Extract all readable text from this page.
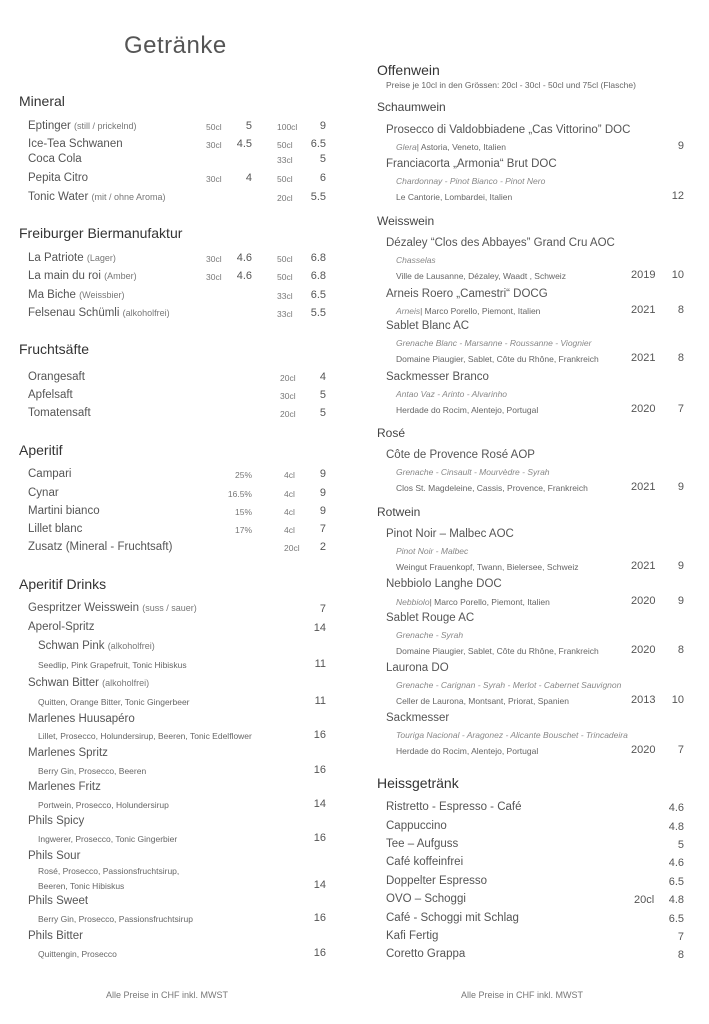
Getränke
Mineral
Eptinger (still / prickelnd)	50cl	5	100cl	9
Ice-Tea Schwanen	30cl	4.5	50cl	6.5
Coca Cola	33cl	5
Pepita Citro	30cl	4	50cl	6
Tonic Water (mit / ohne Aroma)	20cl	5.5
Freiburger Biermanufaktur
La Patriote (Lager)	30cl	4.6	50cl	6.8
La main du roi (Amber)	30cl	4.6	50cl	6.8
Ma Biche (Weissbier)	33cl	6.5
Felsenau Schümli (alkoholfrei)	33cl	5.5
Fruchtsäfte
Orangesaft	20cl	4
Apfelsaft	30cl	5
Tomatensaft	20cl	5
Aperitif
Campari	25%	4cl	9
Cynar	16.5%	4cl	9
Martini bianco	15%	4cl	9
Lillet blanc	17%	4cl	7
Zusatz (Mineral - Fruchtsaft)	20cl	2
Aperitif Drinks
Gespritzer Weisswein (suss / sauer)	7
Aperol-Spritz	14
Schwan Pink (alkoholfrei)
Seedlip, Pink Grapefruit, Tonic Hibiskus	11
Schwan Bitter (alkoholfrei)
Quitten, Orange Bitter, Tonic Gingerbeer	11
Marlenes Huusapéro
Lillet, Prosecco, Holundersirup, Beeren, Tonic Edelflower	16
Marlenes Spritz
Berry Gin, Prosecco, Beeren	16
Marlenes Fritz
Portwein, Prosecco, Holundersirup	14
Phils Spicy
Ingwerer, Prosecco, Tonic Gingerbier	16
Phils Sour
Rosé, Prosecco, Passionsfruchtsirup,
Beeren, Tonic Hibiskus	14
Phils Sweet
Berry Gin, Prosecco, Passionsfruchtsirup	16
Phils Bitter
Quittengin, Prosecco	16
Alle Preise in CHF inkl. MWST
Offenwein
Preise je 10cl in den Grössen: 20cl - 30cl - 50cl und 75cl (Flasche)
Schaumwein
Prosecco di Valdobbiadene „Cas Vittorino” DOC
Glera| Astoria, Veneto, Italien	9
Franciacorta „Armonia“ Brut DOC
Chardonnay - Pinot Bianco - Pinot Nero
Le Cantorie, Lombardei, Italien	12
Weisswein
Dézaley “Clos des Abbayes” Grand Cru AOC
Chasselas
Ville de Lausanne, Dézaley, Waadt , Schweiz	2019	10
Arneis Roero „Camestri“ DOCG
Arneis| Marco Porello, Piemont, Italien	2021	8
Sablet Blanc AC
Grenache Blanc - Marsanne - Roussanne - Viognier
Domaine Piaugier, Sablet, Côte du Rhône, Frankreich	2021	8
Sackmesser Branco
Antao Vaz - Arinto - Alvarinho
Herdade do Rocim, Alentejo, Portugal	2020	7
Rosé
Côte de Provence Rosé AOP
Grenache - Cinsault - Mourvèdre - Syrah
Clos St. Magdeleine, Cassis, Provence, Frankreich	2021	9
Rotwein
Pinot Noir – Malbec AOC
Pinot Noir - Malbec
Weingut Frauenkopf, Twann, Bielersee, Schweiz	2021	9
Nebbiolo Langhe DOC
Nebbiolo| Marco Porello, Piemont, Italien	2020	9
Sablet Rouge AC
Grenache - Syrah
Domaine Piaugier, Sablet, Côte du Rhône, Frankreich	2020	8
Laurona DO
Grenache - Carignan - Syrah - Merlot - Cabernet Sauvignon
Celler de Laurona, Montsant, Priorat, Spanien	2013	10
Sackmesser
Touriga Nacional - Aragonez - Alicante Bouschet - Trincadeira
Herdade do Rocim, Alentejo, Portugal	2020	7
Heissgetränk
Ristretto - Espresso - Café	4.6
Cappuccino	4.8
Tee – Aufguss	5
Café koffeinfrei	4.6
Doppelter Espresso	6.5
OVO – Schoggi	20cl	4.8
Café - Schoggi mit Schlag	6.5
Kafi Fertig	7
Coretto Grappa	8
Alle Preise in CHF inkl. MWST
